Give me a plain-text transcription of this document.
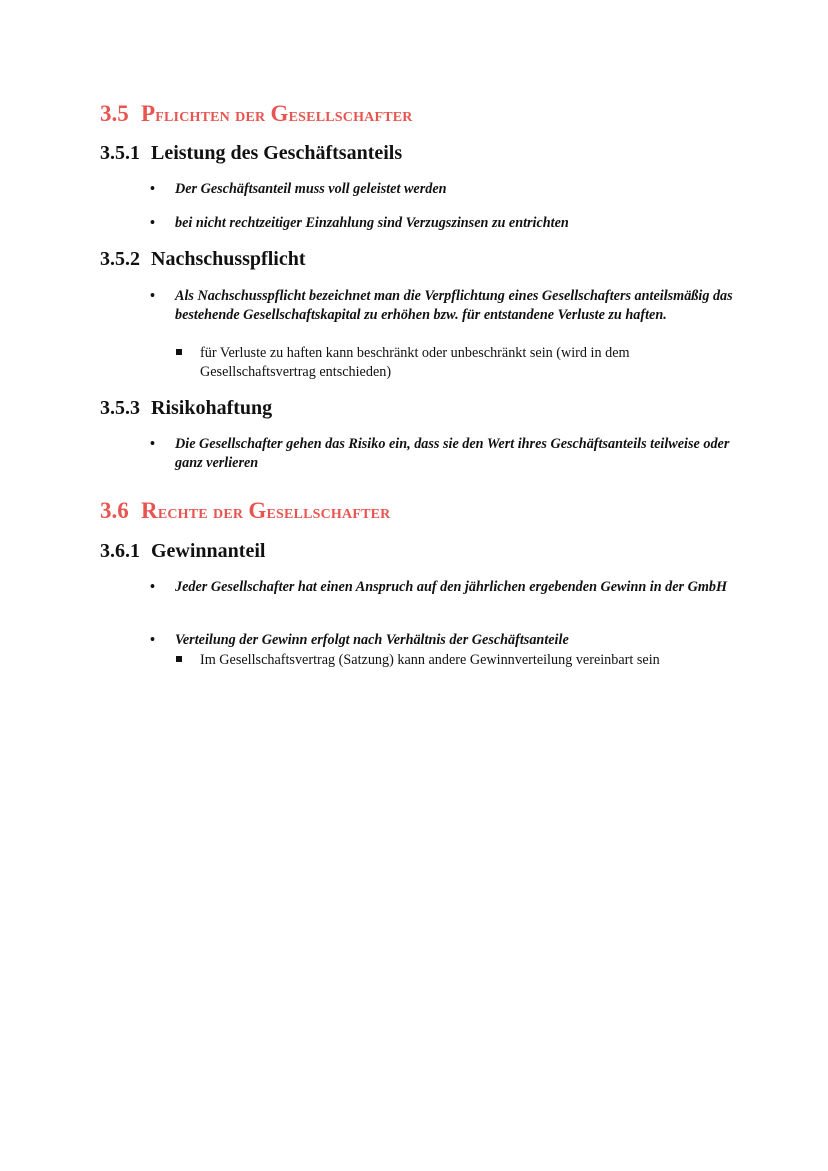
3.5 Pflichten der Gesellschafter
3.5.1 Leistung des Geschäftsanteils
• Der Geschäftsanteil muss voll geleistet werden
• bei nicht rechtzeitiger Einzahlung sind Verzugszinsen zu entrichten
3.5.2 Nachschusspflicht
• Als Nachschusspflicht bezeichnet man die Verpflichtung eines Gesellschafters anteilsmäßig das bestehende Gesellschaftskapital zu erhöhen bzw. für entstandene Verluste zu haften.
für Verluste zu haften kann beschränkt oder unbeschränkt sein (wird in dem Gesellschaftsvertrag entschieden)
3.5.3 Risikohaftung
• Die Gesellschafter gehen das Risiko ein, dass sie den Wert ihres Geschäftsanteils teilweise oder ganz verlieren
3.6 Rechte der Gesellschafter
3.6.1 Gewinnanteil
• Jeder Gesellschafter hat einen Anspruch auf den jährlichen ergebenden Gewinn in der GmbH
• Verteilung der Gewinn erfolgt nach Verhältnis der Geschäftsanteile
Im Gesellschaftsvertrag (Satzung) kann andere Gewinnverteilung vereinbart sein
